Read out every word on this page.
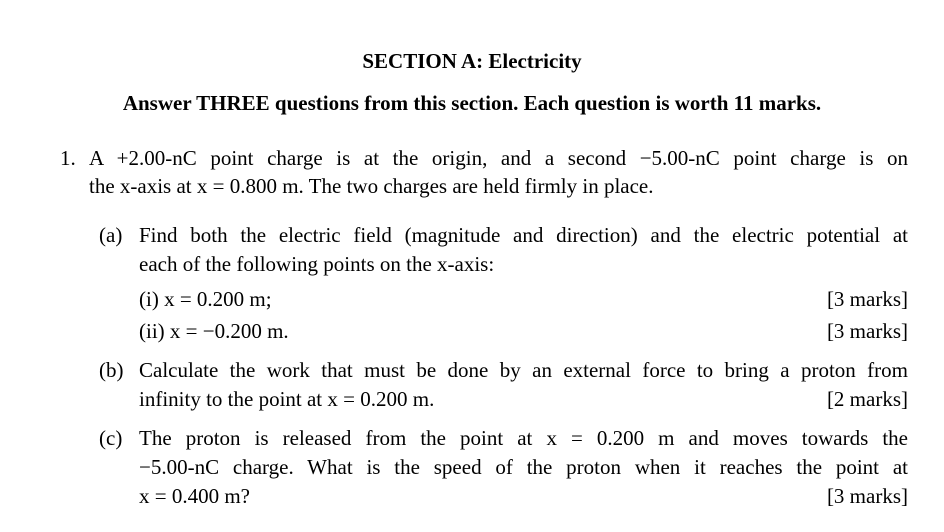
SECTION A: Electricity
Answer THREE questions from this section. Each question is worth 11 marks.
1. A +2.00-nC point charge is at the origin, and a second −5.00-nC point charge is on
the x-axis at x = 0.800 m. The two charges are held firmly in place.
(a) Find both the electric field (magnitude and direction) and the electric potential at
each of the following points on the x-axis:
(i) x = 0.200 m;	[3 marks]
(ii) x = −0.200 m.	[3 marks]
(b) Calculate the work that must be done by an external force to bring a proton from
infinity to the point at x = 0.200 m.	[2 marks]
(c) The proton is released from the point at x = 0.200 m and moves towards the
−5.00-nC charge. What is the speed of the proton when it reaches the point at
x = 0.400 m?	[3 marks]
